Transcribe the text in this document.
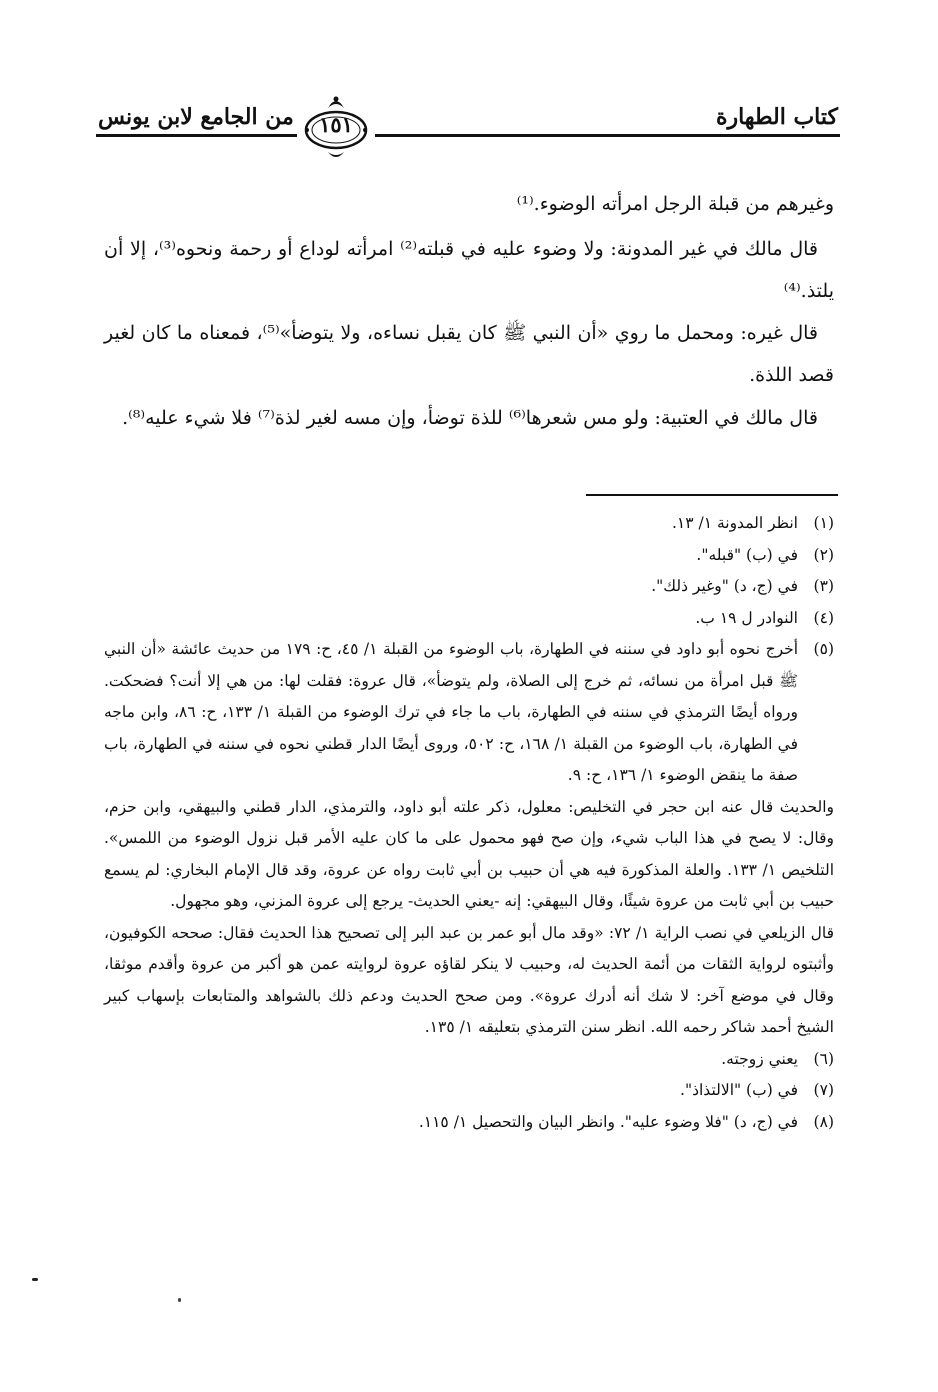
كتاب الطهارة
من الجامع لابن يونس	١٥١

وغيرهم من قبلة الرجل امرأته الوضوء.⁽¹⁾

قال مالك في غير المدونة: ولا وضوء عليه في قبلته⁽²⁾ امرأته لوداع أو رحمة ونحوه⁽³⁾، إلا أن يلتذ.⁽⁴⁾

قال غيره: ومحمل ما روي «أن النبي ﷺ كان يقبل نساءه، ولا يتوضأ»⁽⁵⁾، فمعناه ما كان لغير قصد اللذة.

قال مالك في العتبية: ولو مس شعرها⁽⁶⁾ للذة توضأ، وإن مسه لغير لذة⁽⁷⁾ فلا شيء عليه⁽⁸⁾.

(١)
انظر المدونة ١/ ١٣.
(٢)
في (ب) "قبله".
(٣)
في (ج، د) "وغير ذلك".
(٤)
النوادر ل ١٩ ب.
(٥)
أخرج نحوه أبو داود في سننه في الطهارة، باب الوضوء من القبلة ١/ ٤٥، ح: ١٧٩ من حديث عائشة «أن النبي ﷺ قبل امرأة من نسائه، ثم خرج إلى الصلاة، ولم يتوضأ»، قال عروة: فقلت لها: من هي إلا أنت؟ فضحكت. ورواه أيضًا الترمذي في سننه في الطهارة، باب ما جاء في ترك الوضوء من القبلة ١/ ١٣٣، ح: ٨٦، وابن ماجه في الطهارة، باب الوضوء من القبلة ١/ ١٦٨، ح: ٥٠٢، وروى أيضًا الدار قطني نحوه في سننه في الطهارة، باب صفة ما ينقض الوضوء ١/ ١٣٦، ح: ٩.
والحديث قال عنه ابن حجر في التخليص: معلول، ذكر علته أبو داود، والترمذي، الدار قطني والبيهقي، وابن حزم، وقال: لا يصح في هذا الباب شيء، وإن صح فهو محمول على ما كان عليه الأمر قبل نزول الوضوء من اللمس». التلخيص ١/ ١٣٣. والعلة المذكورة فيه هي أن حبيب بن أبي ثابت رواه عن عروة، وقد قال الإمام البخاري: لم يسمع حبيب بن أبي ثابت من عروة شيئًا، وقال البيهقي: إنه -يعني الحديث- يرجع إلى عروة المزني، وهو مجهول.
قال الزيلعي في نصب الراية ١/ ٧٢: «وقد مال أبو عمر بن عبد البر إلى تصحيح هذا الحديث فقال: صححه الكوفيون، وأثبتوه لرواية الثقات من أئمة الحديث له، وحبيب لا ينكر لقاؤه عروة لروايته عمن هو أكبر من عروة وأقدم موثقا، وقال في موضع آخر: لا شك أنه أدرك عروة». ومن صحح الحديث ودعم ذلك بالشواهد والمتابعات بإسهاب كبير الشيخ أحمد شاكر رحمه الله. انظر سنن الترمذي بتعليقه ١/ ١٣٥.
(٦)
يعني زوجته.
(٧)
في (ب) "الالتذاذ".
(٨)
في (ج، د) "فلا وضوء عليه". وانظر البيان والتحصيل ١/ ١١٥.
